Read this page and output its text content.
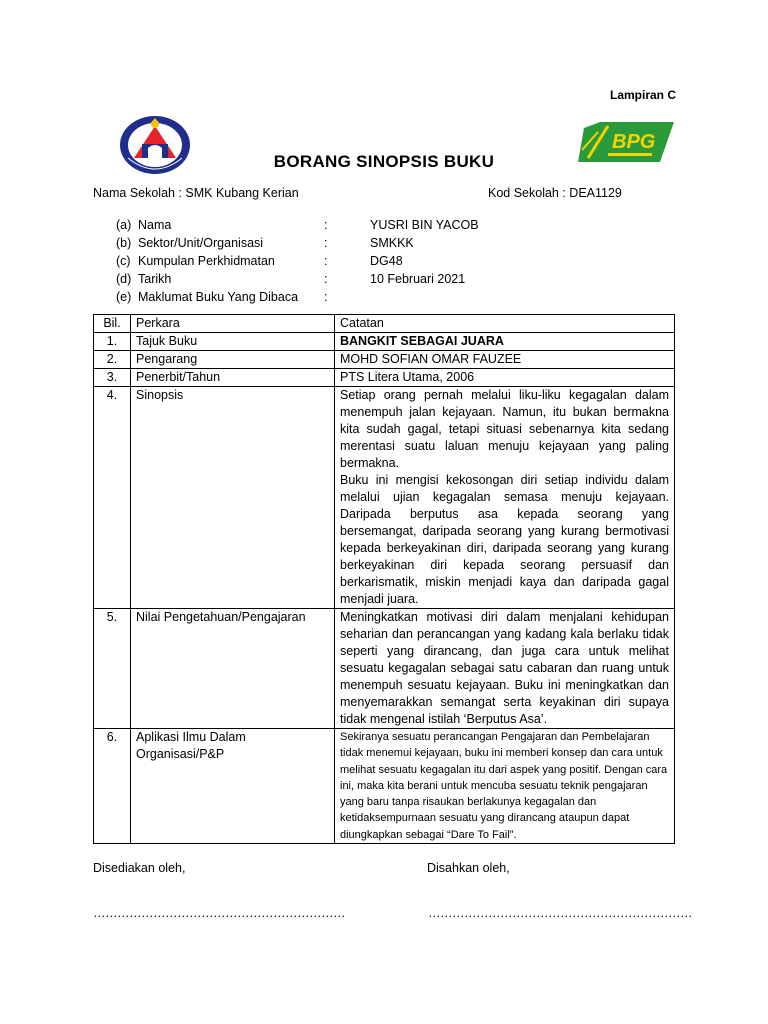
Lampiran C
BPG
BORANG SINOPSIS BUKU
Nama Sekolah : SMK Kubang Kerian	Kod Sekolah : DEA1129
(a) Nama	:	YUSRI BIN YACOB
(b) Sektor/Unit/Organisasi	:	SMKKK
(c) Kumpulan Perkhidmatan	:	DG48
(d) Tarikh	:	10 Februari 2021
(e) Maklumat Buku Yang Dibaca :
Bil.	Perkara	Catatan
1.	Tajuk Buku	BANGKIT SEBAGAI JUARA
2.	Pengarang	MOHD SOFIAN OMAR FAUZEE
3.	Penerbit/Tahun	PTS Litera Utama, 2006
4.	Sinopsis	Setiap orang pernah melalui liku-liku kegagalan dalam menempuh jalan kejayaan. Namun, itu bukan bermakna kita sudah gagal, tetapi situasi sebenarnya kita sedang merentasi suatu laluan menuju kejayaan yang paling bermakna.
Buku ini mengisi kekosongan diri setiap individu dalam melalui ujian kegagalan semasa menuju kejayaan. Daripada berputus asa kepada seorang yang bersemangat, daripada seorang yang kurang bermotivasi kepada berkeyakinan diri, daripada seorang yang kurang berkeyakinan diri kepada seorang persuasif dan berkarismatik, miskin menjadi kaya dan daripada gagal menjadi juara.

5.	Nilai Pengetahuan/Pengajaran	Meningkatkan motivasi diri dalam menjalani kehidupan seharian dan perancangan yang kadang kala berlaku tidak seperti yang dirancang, dan juga cara untuk melihat sesuatu kegagalan sebagai satu cabaran dan ruang untuk menempuh sesuatu kejayaan. Buku ini meningkatkan dan menyemarakkan semangat serta keyakinan diri supaya tidak mengenal istilah ‘Berputus Asa’.
6.	Aplikasi Ilmu Dalam Organisasi/P&P	Sekiranya sesuatu perancangan Pengajaran dan Pembelajaran tidak menemui kejayaan, buku ini memberi konsep dan cara untuk melihat sesuatu kegagalan itu dari aspek yang positif. Dengan cara ini, maka kita berani untuk mencuba sesuatu teknik pengajaran yang baru tanpa risaukan berlakunya kegagalan dan ketidaksempurnaan sesuatu yang dirancang ataupun dapat diungkapkan sebagai “Dare To Fail”.
Disediakan oleh,	Disahkan oleh,
………………………………………………………	…………………………………………………………
